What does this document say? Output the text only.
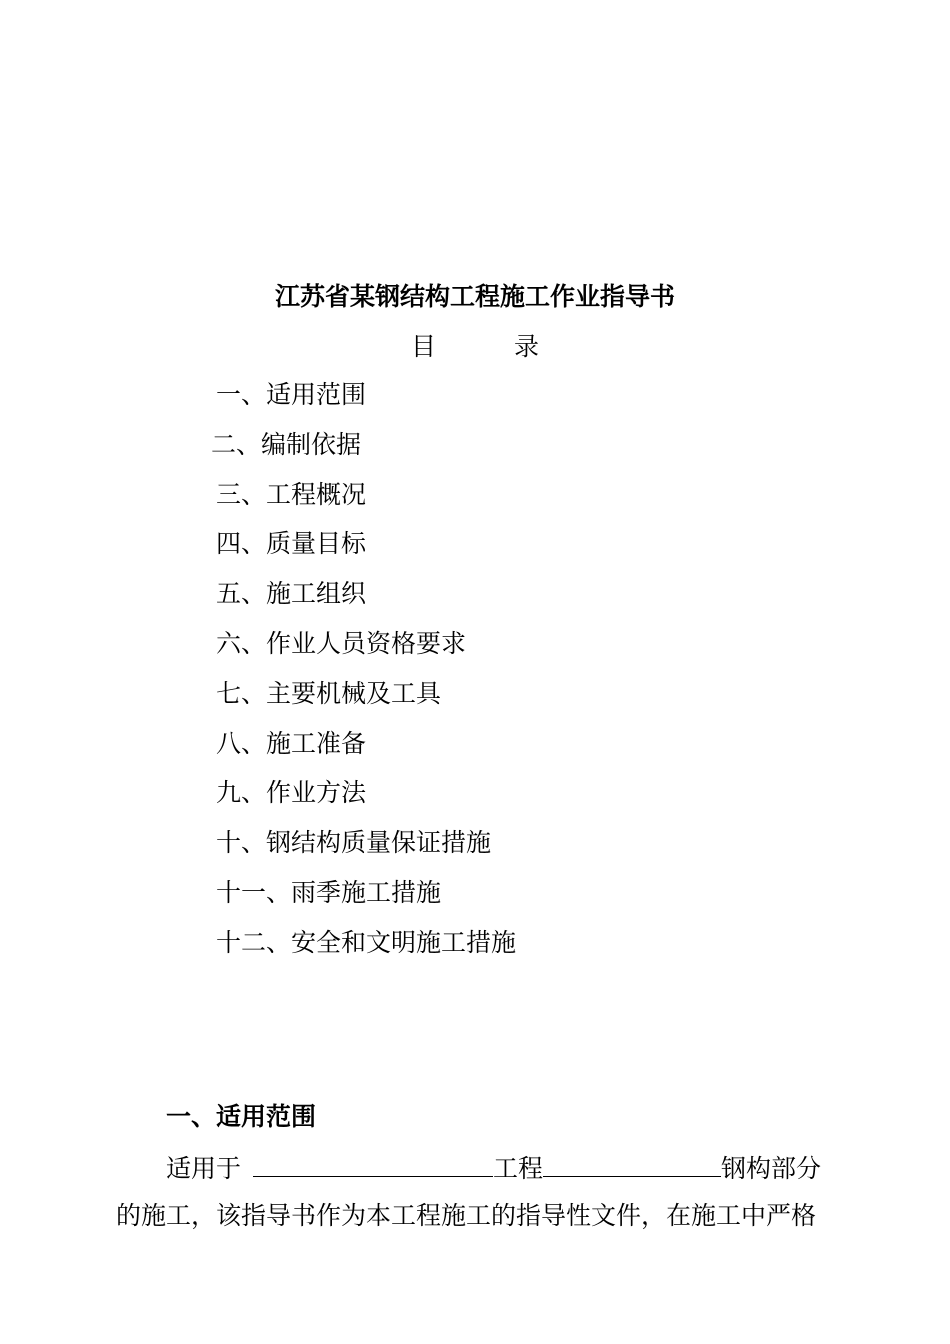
江苏省某钢结构工程施工作业指导书
目	录
一、适用范围
二、编制依据
三、工程概况
四、质量目标
五、施工组织
六、作业人员资格要求
七、主要机械及工具
八、施工准备
九、作业方法
十、钢结构质量保证措施
十一、雨季施工措施
十二、安全和文明施工措施
一、适用范围
适用于	工程	钢构部分
的施工，该指导书作为本工程施工的指导性文件，在施工中严格
